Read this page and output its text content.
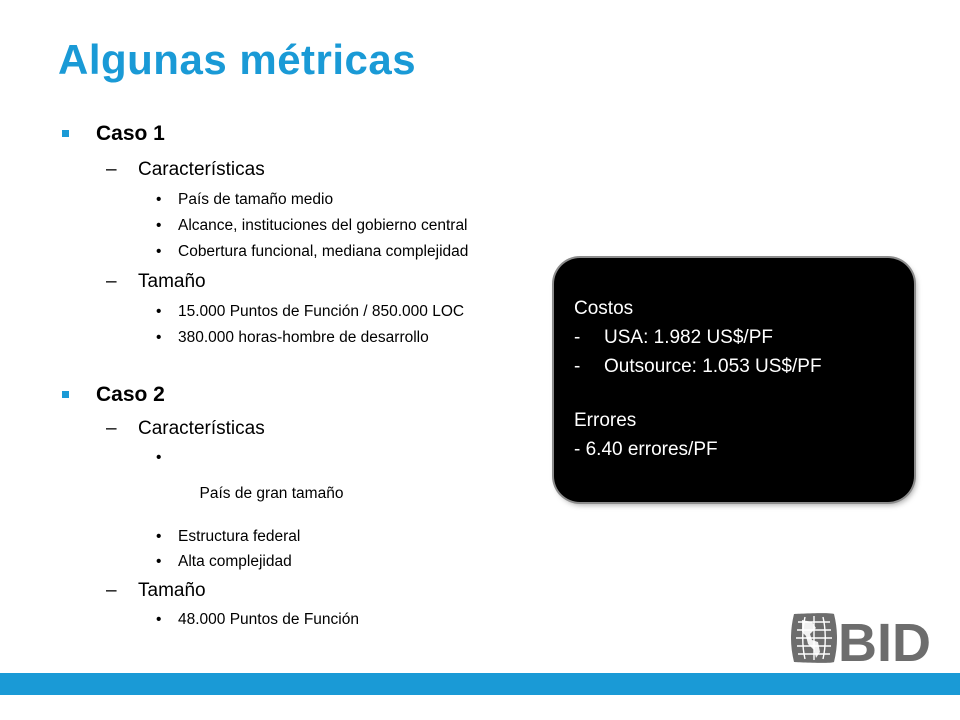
Algunas métricas
Caso 1
– Características
• País de tamaño medio
• Alcance, instituciones del gobierno central
• Cobertura funcional, mediana complejidad
– Tamaño
• 15.000 Puntos de Función / 850.000 LOC
• 380.000 horas-hombre de desarrollo
Caso 2
– Características

•

País de gran tamaño

• Estructura federal
• Alta complejidad
– Tamaño
• 48.000 Puntos de Función
Costos
- USA: 1.982 US$/PF
- Outsource: 1.053 US$/PF
Errores
- 6.40 errores/PF
BID
